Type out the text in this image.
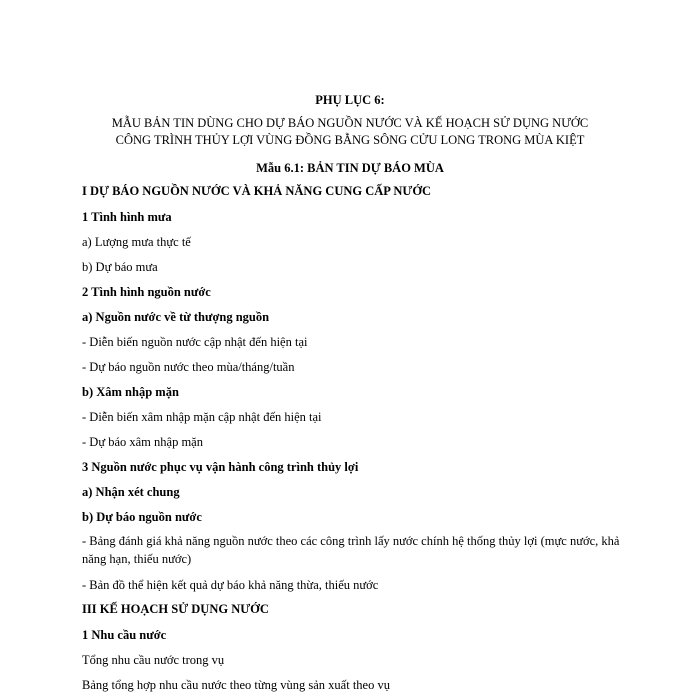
PHỤ LỤC 6:

MẪU BẢN TIN DÙNG CHO DỰ BÁO NGUỒN NƯỚC VÀ KẾ HOẠCH SỬ DỤNG NƯỚC

CÔNG TRÌNH THỦY LỢI VÙNG ĐỒNG BẰNG SÔNG CỬU LONG TRONG MÙA KIỆT

Mẫu 6.1: BẢN TIN DỰ BÁO MÙA

I DỰ BÁO NGUỒN NƯỚC VÀ KHẢ NĂNG CUNG CẤP NƯỚC

1 Tình hình mưa

a) Lượng mưa thực tế

b) Dự báo mưa

2 Tình hình nguồn nước

a) Nguồn nước về từ thượng nguồn

- Diễn biến nguồn nước cập nhật đến hiện tại

- Dự báo nguồn nước theo mùa/tháng/tuần

b) Xâm nhập mặn

- Diễn biến xâm nhập mặn cập nhật đến hiện tại

- Dự báo xâm nhập mặn

3 Nguồn nước phục vụ vận hành công trình thủy lợi

a) Nhận xét chung

b) Dự báo nguồn nước

- Bảng đánh giá khả năng nguồn nước theo các công trình lấy nước chính hệ thống thủy lợi (mực nước, khả năng hạn, thiếu nước)

- Bản đồ thể hiện kết quả dự báo khả năng thừa, thiếu nước

III KẾ HOẠCH SỬ DỤNG NƯỚC

1 Nhu cầu nước

Tổng nhu cầu nước trong vụ

Bảng tổng hợp nhu cầu nước theo từng vùng sản xuất theo vụ
